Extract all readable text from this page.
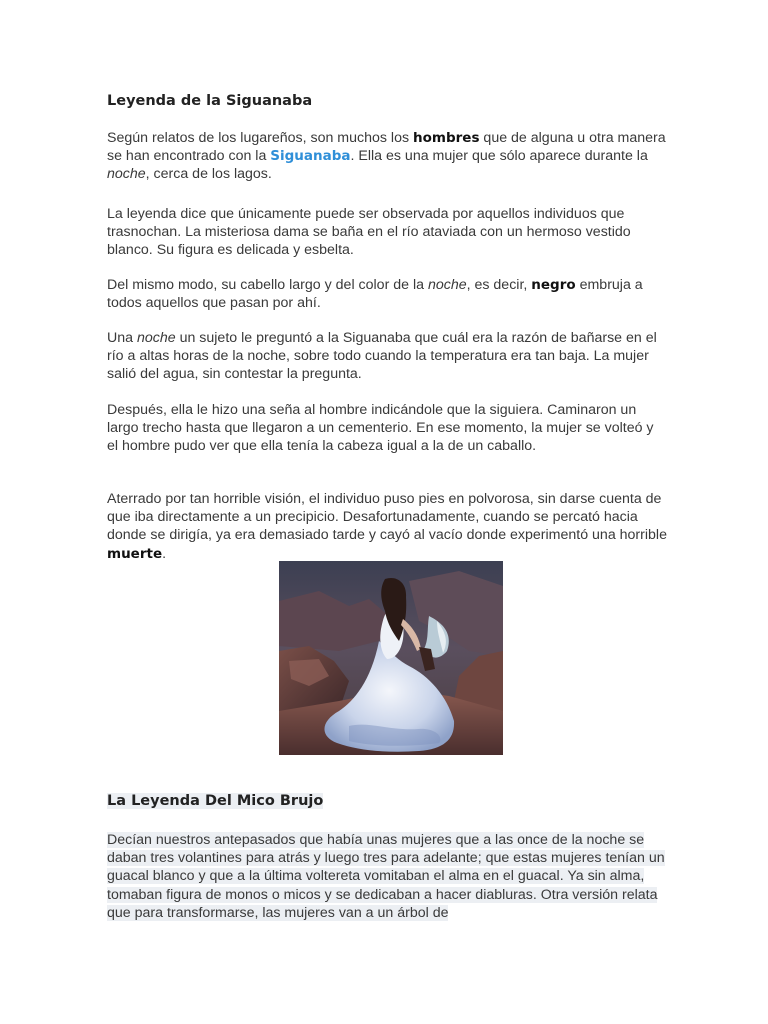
Leyenda de la Siguanaba

Según relatos de los lugareños, son muchos los hombres que de alguna u otra manera se han encontrado con la Siguanaba. Ella es una mujer que sólo aparece durante la noche, cerca de los lagos.

La leyenda dice que únicamente puede ser observada por aquellos individuos que trasnochan. La misteriosa dama se baña en el río ataviada con un hermoso vestido blanco. Su figura es delicada y esbelta.

Del mismo modo, su cabello largo y del color de la noche, es decir, negro embruja a todos aquellos que pasan por ahí.

Una noche un sujeto le preguntó a la Siguanaba que cuál era la razón de bañarse en el río a altas horas de la noche, sobre todo cuando la temperatura era tan baja. La mujer salió del agua, sin contestar la pregunta.

Después, ella le hizo una seña al hombre indicándole que la siguiera. Caminaron un largo trecho hasta que llegaron a un cementerio. En ese momento, la mujer se volteó y el hombre pudo ver que ella tenía la cabeza igual a la de un caballo.

Aterrado por tan horrible visión, el individuo puso pies en polvorosa, sin darse cuenta de que iba directamente a un precipicio. Desafortunadamente, cuando se percató hacia donde se dirigía, ya era demasiado tarde y cayó al vacío donde experimentó una horrible muerte.

La Leyenda Del Mico Brujo

Decían nuestros antepasados que había unas mujeres que a las once de la noche se daban tres volantines para atrás y luego tres para adelante; que estas mujeres tenían un guacal blanco y que a la última voltereta vomitaban el alma en el guacal. Ya sin alma, tomaban figura de monos o micos y se dedicaban a hacer diabluras. Otra versión relata que para transformarse, las mujeres van a un árbol de
